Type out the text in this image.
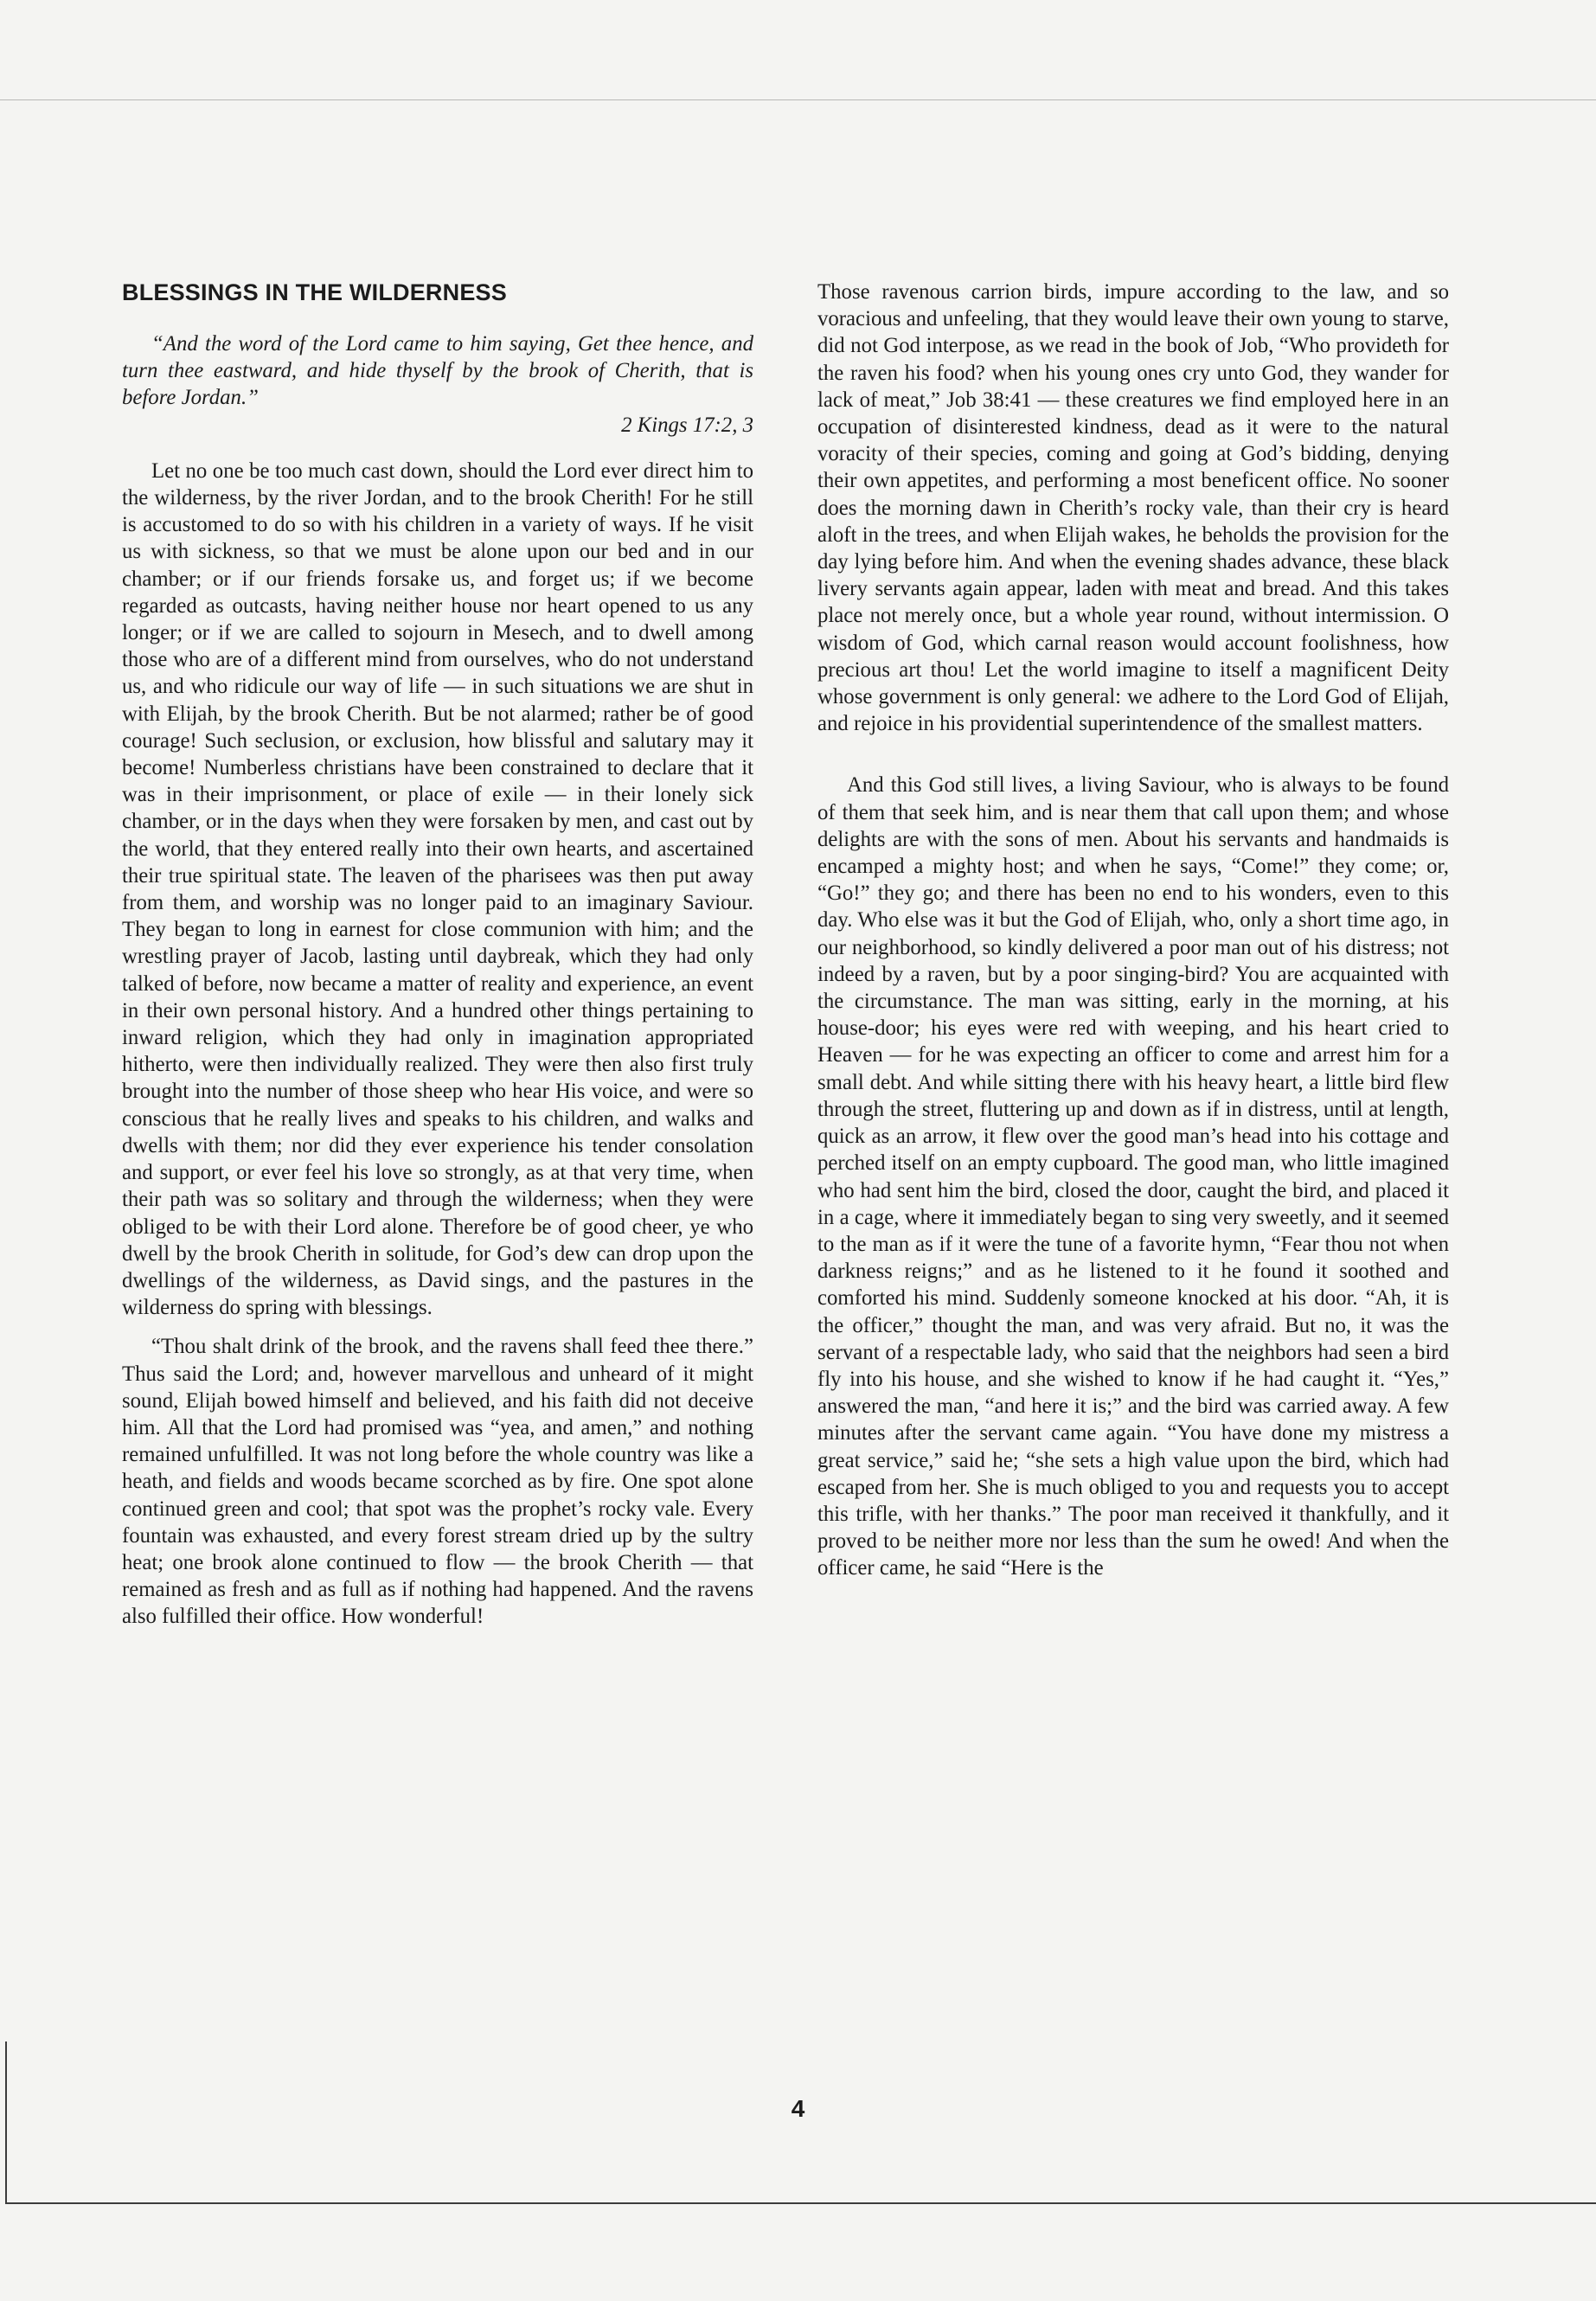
BLESSINGS IN THE WILDERNESS

“And the word of the Lord came to him saying, Get thee hence, and turn thee eastward, and hide thyself by the brook of Cherith, that is before Jordan.”

2 Kings 17:2, 3

Let no one be too much cast down, should the Lord ever direct him to the wilderness, by the river Jordan, and to the brook Cherith! For he still is accustomed to do so with his children in a variety of ways. If he visit us with sickness, so that we must be alone upon our bed and in our chamber; or if our friends forsake us, and forget us; if we become regarded as outcasts, having neither house nor heart opened to us any longer; or if we are called to sojourn in Mesech, and to dwell among those who are of a different mind from ourselves, who do not understand us, and who ridicule our way of life — in such situations we are shut in with Elijah, by the brook Cherith. But be not alarmed; rather be of good courage! Such seclusion, or exclusion, how blissful and salutary may it become! Numberless christians have been constrained to declare that it was in their imprisonment, or place of exile — in their lonely sick chamber, or in the days when they were forsaken by men, and cast out by the world, that they entered really into their own hearts, and ascertained their true spiritual state. The leaven of the pharisees was then put away from them, and worship was no longer paid to an imaginary Saviour. They began to long in earnest for close communion with him; and the wrestling prayer of Jacob, lasting until daybreak, which they had only talked of before, now became a matter of reality and experience, an event in their own personal history. And a hundred other things pertaining to inward religion, which they had only in imagination appropriated hitherto, were then individually realized. They were then also first truly brought into the number of those sheep who hear His voice, and were so conscious that he really lives and speaks to his children, and walks and dwells with them; nor did they ever experience his tender consolation and support, or ever feel his love so strongly, as at that very time, when their path was so solitary and through the wilderness; when they were obliged to be with their Lord alone. Therefore be of good cheer, ye who dwell by the brook Cherith in solitude, for God’s dew can drop upon the dwellings of the wilderness, as David sings, and the pastures in the wilderness do spring with blessings.

“Thou shalt drink of the brook, and the ravens shall feed thee there.” Thus said the Lord; and, however marvellous and unheard of it might sound, Elijah bowed himself and believed, and his faith did not deceive him. All that the Lord had promised was “yea, and amen,” and nothing remained unfulfilled. It was not long before the whole country was like a heath, and fields and woods became scorched as by fire. One spot alone continued green and cool; that spot was the prophet’s rocky vale. Every fountain was exhausted, and every forest stream dried up by the sultry heat; one brook alone continued to flow — the brook Cherith — that remained as fresh and as full as if nothing had happened. And the ravens also fulfilled their office. How wonderful!

Those ravenous carrion birds, impure according to the law, and so voracious and unfeeling, that they would leave their own young to starve, did not God interpose, as we read in the book of Job, “Who provideth for the raven his food? when his young ones cry unto God, they wander for lack of meat,” Job 38:41 — these creatures we find employed here in an occupation of disinterested kindness, dead as it were to the natural voracity of their species, coming and going at God’s bidding, denying their own appetites, and performing a most beneficent office. No sooner does the morning dawn in Cherith’s rocky vale, than their cry is heard aloft in the trees, and when Elijah wakes, he beholds the provision for the day lying before him. And when the evening shades advance, these black livery servants again appear, laden with meat and bread. And this takes place not merely once, but a whole year round, without intermission. O wisdom of God, which carnal reason would account foolishness, how precious art thou! Let the world imagine to itself a magnificent Deity whose government is only general: we adhere to the Lord God of Elijah, and rejoice in his providential superintendence of the smallest matters.

And this God still lives, a living Saviour, who is always to be found of them that seek him, and is near them that call upon them; and whose delights are with the sons of men. About his servants and handmaids is encamped a mighty host; and when he says, “Come!” they come; or, “Go!” they go; and there has been no end to his wonders, even to this day. Who else was it but the God of Elijah, who, only a short time ago, in our neighborhood, so kindly delivered a poor man out of his distress; not indeed by a raven, but by a poor singing-bird? You are acquainted with the circumstance. The man was sitting, early in the morning, at his house-door; his eyes were red with weeping, and his heart cried to Heaven — for he was expecting an officer to come and arrest him for a small debt. And while sitting there with his heavy heart, a little bird flew through the street, fluttering up and down as if in distress, until at length, quick as an arrow, it flew over the good man’s head into his cottage and perched itself on an empty cupboard. The good man, who little imagined who had sent him the bird, closed the door, caught the bird, and placed it in a cage, where it immediately began to sing very sweetly, and it seemed to the man as if it were the tune of a favorite hymn, “Fear thou not when darkness reigns;” and as he listened to it he found it soothed and comforted his mind. Suddenly someone knocked at his door. “Ah, it is the officer,” thought the man, and was very afraid. But no, it was the servant of a respectable lady, who said that the neighbors had seen a bird fly into his house, and she wished to know if he had caught it. “Yes,” answered the man, “and here it is;” and the bird was carried away. A few minutes after the servant came again. “You have done my mistress a great service,” said he; “she sets a high value upon the bird, which had escaped from her. She is much obliged to you and requests you to accept this trifle, with her thanks.” The poor man received it thankfully, and it proved to be neither more nor less than the sum he owed! And when the officer came, he said “Here is the

4
